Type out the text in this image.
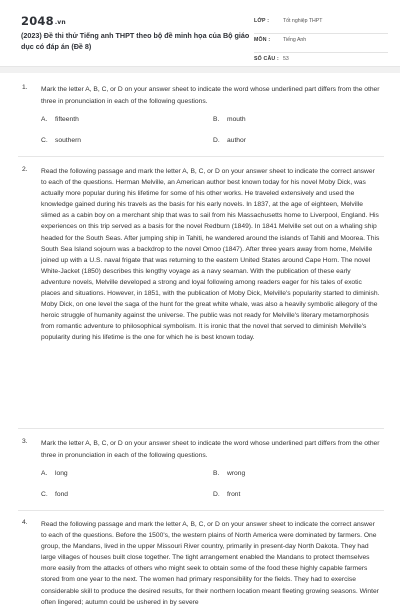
2048.vn
(2023) Đề thi thử Tiếng anh THPT theo bộ đề minh họa của Bộ giáo dục có đáp án (Đề 8)
LỚP :	Tốt nghiệp THPT
MÔN : Tiếng Anh
SỐ CÂU : 53
1. Mark the letter A, B, C, or D on your answer sheet to indicate the word whose underlined part differs from the other three in pronunciation in each of the following questions.
A. fifteenth	B. mouth
C. southern	D. author
2. Read the following passage and mark the letter A, B, C, or D on your answer sheet to indicate the correct answer to each of the questions. Herman Melville, an American author best known today for his novel Moby Dick, was actually more popular during his lifetime for some of his other works. He traveled extensively and used the knowledge gained during his travels as the basis for his early novels. In 1837, at the age of eighteen, Melville slimed as a cabin boy on a merchant ship that was to sail from his Massachusetts home to Liverpool, England. His experiences on this trip served as a basis for the novel Redburn (1849). In 1841 Melville set out on a whaling ship headed for the South Seas. After jumping ship in Tahiti, he wandered around the islands of Tahiti and Moorea. This South Sea Island sojourn was a backdrop to the novel Omoo (1847). After three years away from home, Melville joined up with a U.S. naval frigate that was returning to the eastern United States around Cape Horn. The novel White-Jacket (1850) describes this lengthy voyage as a navy seaman. With the publication of these early adventure novels, Melville developed a strong and loyal following among readers eager for his tales of exotic places and situations. However, in 1851, with the publication of Moby Dick, Melville's popularity started to diminish. Moby Dick, on one level the saga of the hunt for the great white whale, was also a heavily symbolic allegory of the heroic struggle of humanity against the universe. The public was not ready for Melville's literary metamorphosis from romantic adventure to philosophical symbolism. It is ironic that the novel that served to diminish Melville's popularity during his lifetime is the one for which he is best known today.
3. Mark the letter A, B, C, or D on your answer sheet to indicate the word whose underlined part differs from the other three in pronunciation in each of the following questions.
A. long	B. wrong
C. fond	D. front
4. Read the following passage and mark the letter A, B, C, or D on your answer sheet to indicate the correct answer to each of the questions. Before the 1500's, the western plains of North America were dominated by farmers. One group, the Mandans, lived in the upper Missouri River country, primarily in present-day North Dakota. They had large villages of houses built close together. The tight arrangement enabled the Mandans to protect themselves more easily from the attacks of others who might seek to obtain some of the food these highly capable farmers stored from one year to the next. The women had primary responsibility for the fields. They had to exercise considerable skill to produce the desired results, for their northern location meant fleeting growing seasons. Winter often lingered; autumn could be ushered in by severe
